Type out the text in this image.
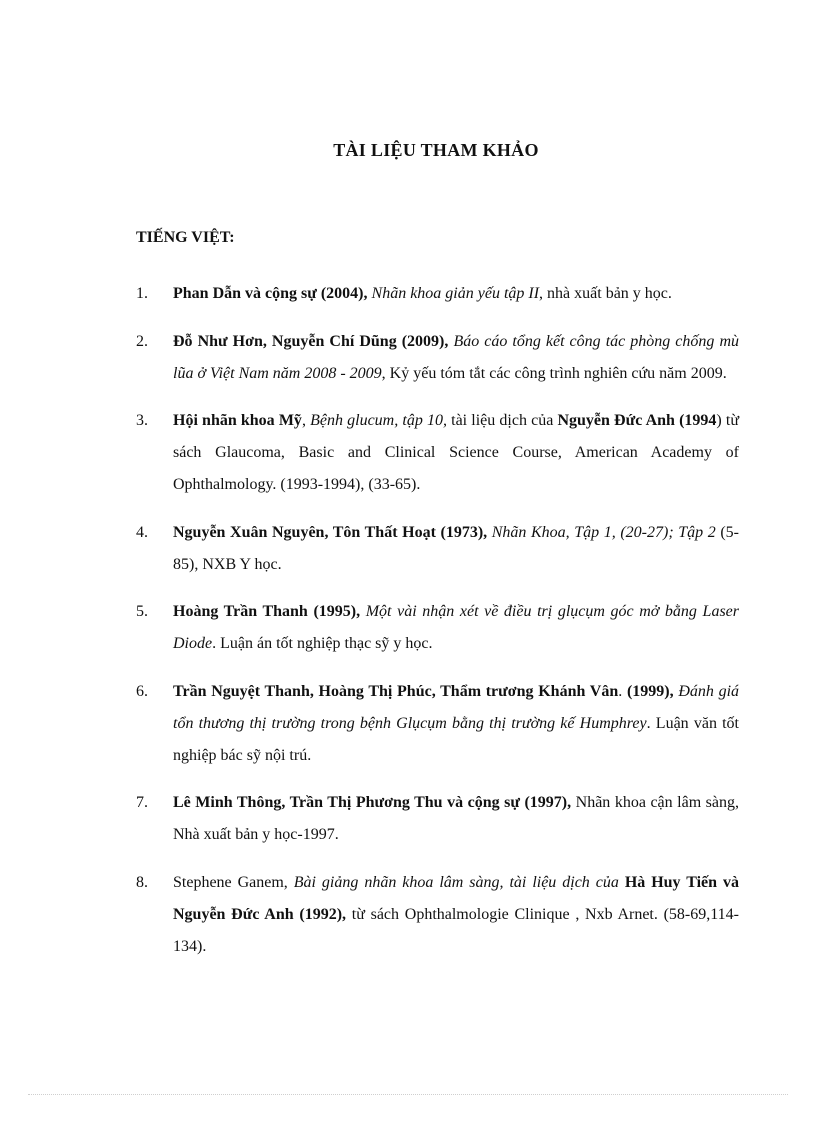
TÀI LIỆU THAM KHẢO
TIẾNG VIỆT:
1. Phan Dẫn và cộng sự (2004), Nhãn khoa giản yếu tập II, nhà xuất bản y học.
2. Đỗ Như Hơn, Nguyễn Chí Dũng (2009), Báo cáo tổng kết công tác phòng chống mù lũa ở Việt Nam năm 2008 - 2009, Kỷ yếu tóm tắt các công trình nghiên cứu năm 2009.
3. Hội nhãn khoa Mỹ, Bệnh glucum, tập 10, tài liệu dịch của Nguyễn Đức Anh (1994) từ sách Glaucoma, Basic and Clinical Science Course, American Academy of Ophthalmology. (1993-1994), (33-65).
4. Nguyễn Xuân Nguyên, Tôn Thất Hoạt (1973), Nhãn Khoa, Tập 1, (20-27); Tập 2 (5-85), NXB Y học.
5. Hoàng Trần Thanh (1995), Một vài nhận xét về điều trị glụcụm góc mở bằng Laser Diode. Luận án tốt nghiệp thạc sỹ y học.
6. Trần Nguyệt Thanh, Hoàng Thị Phúc, Thẩm trương Khánh Vân. (1999), Đánh giá tổn thương thị trường trong bệnh Glụcụm bằng thị trường kế Humphrey. Luận văn tốt nghiệp bác sỹ nội trú.
7. Lê Minh Thông, Trần Thị Phương Thu và cộng sự (1997), Nhãn khoa cận lâm sàng, Nhà xuất bản y học-1997.
8. Stephene Ganem, Bài giảng nhãn khoa lâm sàng, tài liệu dịch của Hà Huy Tiến và Nguyễn Đức Anh (1992), từ sách Ophthalmologie Clinique , Nxb Arnet. (58-69,114-134).
